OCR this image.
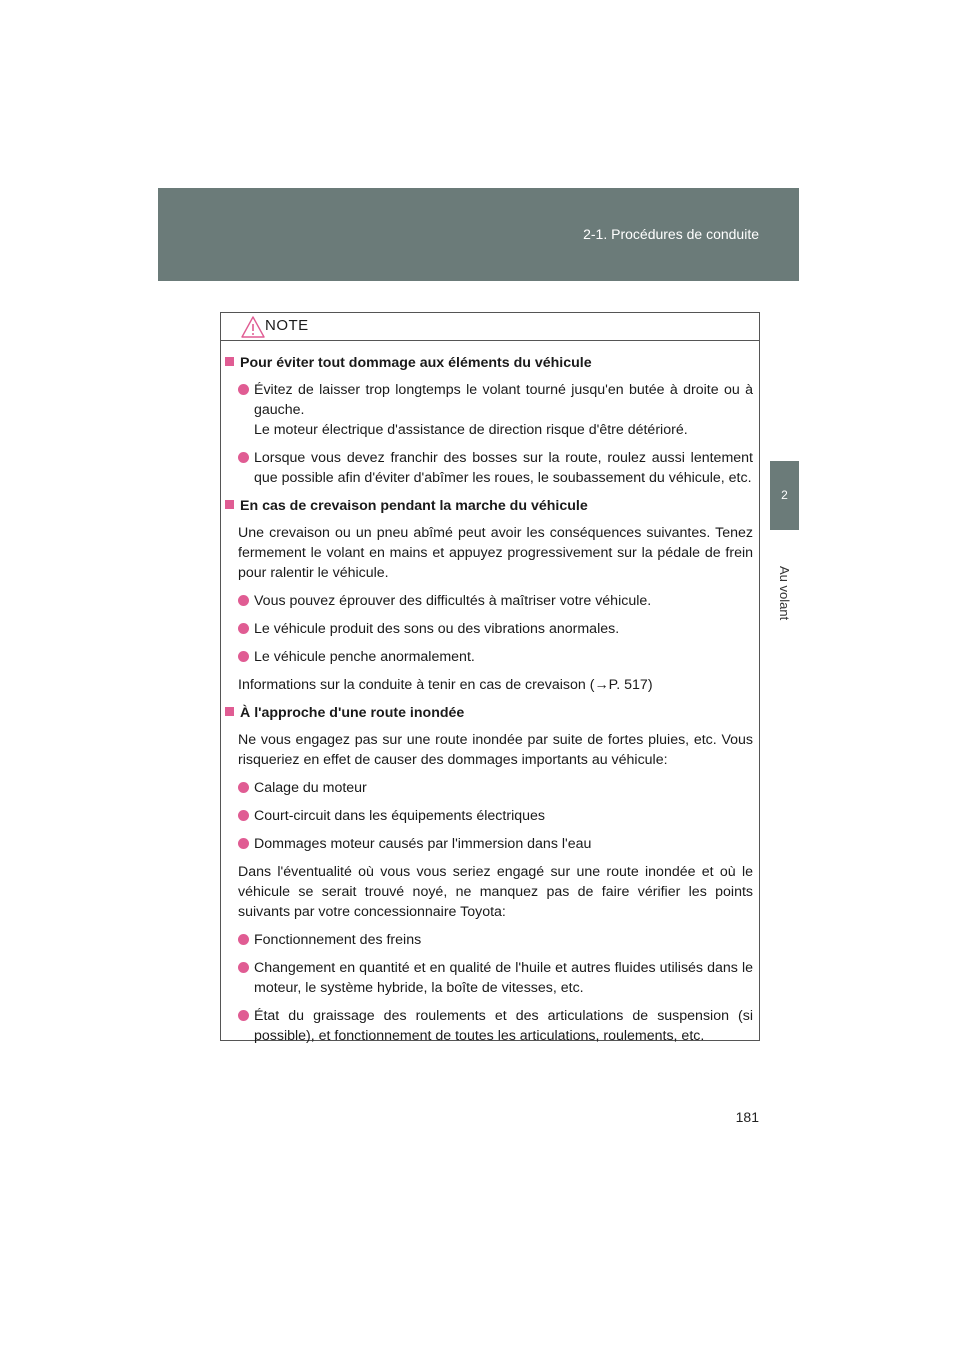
2-1. Procédures de conduite
2
Au volant
NOTE
Pour éviter tout dommage aux éléments du véhicule
Évitez de laisser trop longtemps le volant tourné jusqu'en butée à droite ou à gauche.
Le moteur électrique d'assistance de direction risque d'être détérioré.
Lorsque vous devez franchir des bosses sur la route, roulez aussi lentement que possible afin d'éviter d'abîmer les roues, le soubassement du véhicule, etc.
En cas de crevaison pendant la marche du véhicule
Une crevaison ou un pneu abîmé peut avoir les conséquences suivantes. Tenez fermement le volant en mains et appuyez progressivement sur la pédale de frein pour ralentir le véhicule.
Vous pouvez éprouver des difficultés à maîtriser votre véhicule.
Le véhicule produit des sons ou des vibrations anormales.
Le véhicule penche anormalement.
Informations sur la conduite à tenir en cas de crevaison (→P. 517)
À l'approche d'une route inondée
Ne vous engagez pas sur une route inondée par suite de fortes pluies, etc. Vous risqueriez en effet de causer des dommages importants au véhicule:
Calage du moteur
Court-circuit dans les équipements électriques
Dommages moteur causés par l'immersion dans l'eau
Dans l'éventualité où vous vous seriez engagé sur une route inondée et où le véhicule se serait trouvé noyé, ne manquez pas de faire vérifier les points suivants par votre concessionnaire Toyota:
Fonctionnement des freins
Changement en quantité et en qualité de l'huile et autres fluides utilisés dans le moteur, le système hybride, la boîte de vitesses, etc.
État du graissage des roulements et des articulations de suspension (si possible), et fonctionnement de toutes les articulations, roulements, etc.
181
